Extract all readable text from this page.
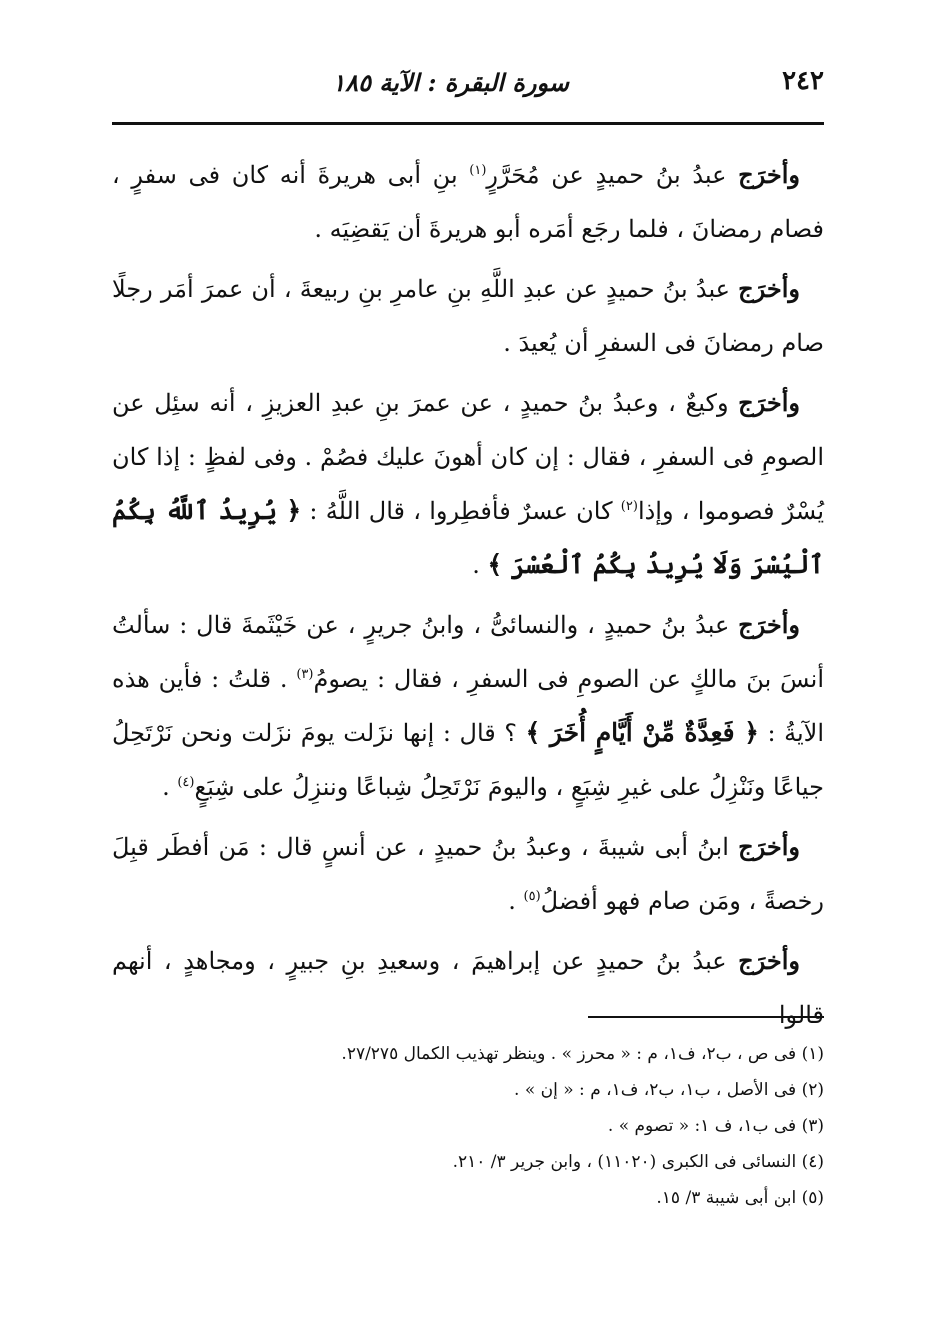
٢٤٢
سورة البقرة : الآية ١٨٥

وأخرَج عبدُ بنُ حميدٍ عن مُحَرَّرٍ$^{(١)}$ بنِ أبى هريرةَ أنه كان فى سفرٍ ، فصام رمضانَ ، فلما رجَع أمَره أبو هريرةَ أن يَقضِيَه .

وأخرَج عبدُ بنُ حميدٍ عن عبدِ اللَّهِ بنِ عامرِ بنِ ربيعةَ ، أن عمرَ أمَر رجلًا صام رمضانَ فى السفرِ أن يُعيدَ .

وأخرَج وكيعٌ ، وعبدُ بنُ حميدٍ ، عن عمرَ بنِ عبدِ العزيزِ ، أنه سئِل عن الصومِ فى السفرِ ، فقال : إن كان أهونَ عليك فصُمْ . وفى لفظٍ : إذا كان يُسْرٌ فصوموا ، وإذا$^{(٢)}$ كان عسرٌ فأفطِروا ، قال اللَّهُ : ﴿ يُرِيدُ ٱللَّهُ بِكُمُ ٱلْيُسْرَ وَلَا يُرِيدُ بِكُمُ ٱلْعُسْرَ ﴾ .

وأخرَج عبدُ بنُ حميدٍ ، والنسائىُّ ، وابنُ جريرٍ ، عن خَيْثَمةَ قال : سألتُ أنسَ بنَ مالكٍ عن الصومِ فى السفرِ ، فقال : يصومُ$^{(٣)}$ . قلتُ : فأين هذه الآيةُ : ﴿ فَعِدَّةٌ مِّنْ أَيَّامٍ أُخَرَ ﴾ ؟ قال : إنها نزَلت يومَ نزَلت ونحن نَرْتَحِلُ جياعًا ونَنْزِلُ على غيرِ شِبَعٍ ، واليومَ نَرْتَحِلُ شِباعًا وننزِلُ على شِبَعٍ$^{(٤)}$ .

وأخرَج ابنُ أبى شيبةَ ، وعبدُ بنُ حميدٍ ، عن أنسٍ قال : مَن أفطَر قبِلَ رخصةً ، ومَن صام فهو أفضلُ$^{(٥)}$ .

وأخرَج عبدُ بنُ حميدٍ عن إبراهيمَ ، وسعيدِ بنِ جبيرٍ ، ومجاهدٍ ، أنهم قالوا

(١) فى ص ، ب٢، ف١، م : « محرز » . وينظر تهذيب الكمال ٢٧/٢٧٥.

(٢) فى الأصل ، ب١، ب٢، ف١، م : « إن » .

(٣) فى ب١، ف ١: « تصوم » .

(٤) النسائى فى الكبرى (١١٠٢٠) ، وابن جرير ٣/ ٢١٠.

(٥) ابن أبى شيبة ٣/ ١٥.
